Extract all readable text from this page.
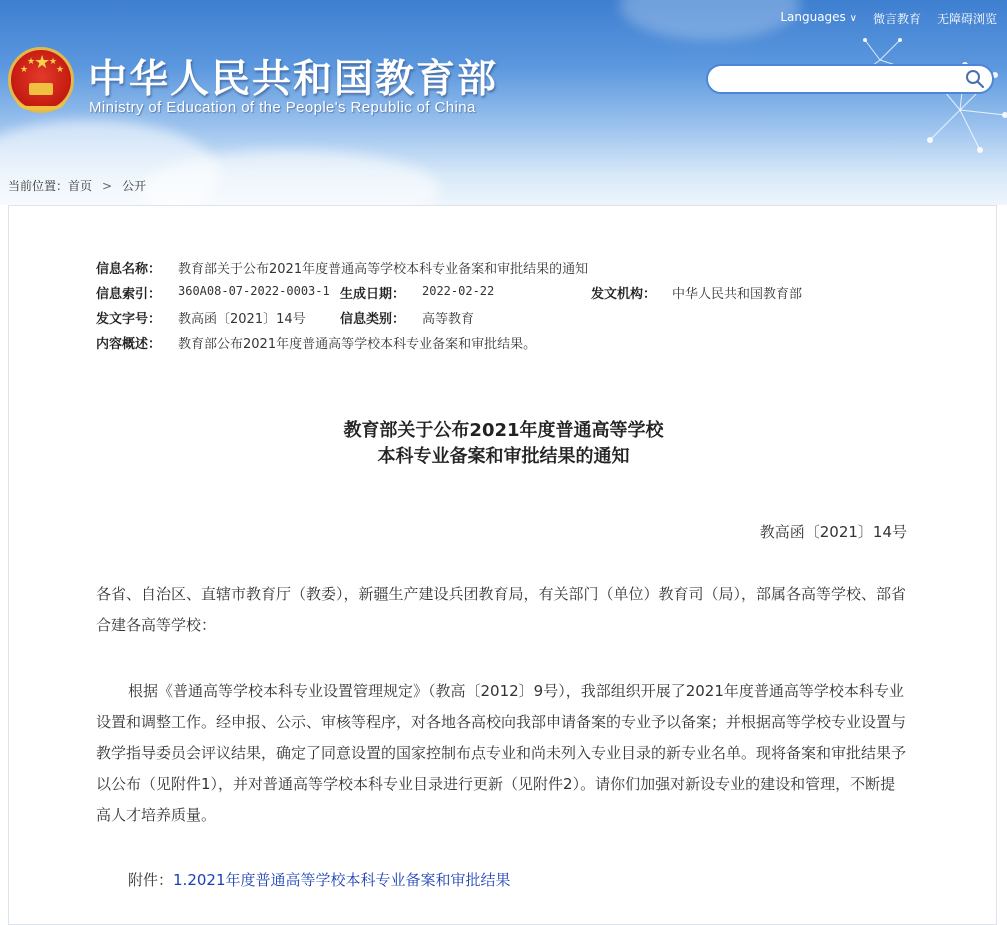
Languages ∨ 微言教育 无障碍浏览
★
★
★ ★
★ 中华人民共和国教育部
Ministry of Education of the People's Republic of China
当前位置： 首页 > 公开
信息名称： 教育部关于公布2021年度普通高等学校本科专业备案和审批结果的通知
信息索引： 360A08-07-2022-0003-1 生成日期： 2022-02-22	发文机构： 中华人民共和国教育部
发文字号： 教高函〔2021〕14号	信息类别： 高等教育
内容概述： 教育部公布2021年度普通高等学校本科专业备案和审批结果。
教育部关于公布2021年度普通高等学校
本科专业备案和审批结果的通知
教高函〔2021〕14号

各省、自治区、直辖市教育厅（教委），新疆生产建设兵团教育局，有关部门（单位）教育司（局），部属各高等学校、部省合建各高等学校：

根据《普通高等学校本科专业设置管理规定》（教高〔2012〕9号），我部组织开展了2021年度普通高等学校本科专业设置和调整工作。经申报、公示、审核等程序，对各地各高校向我部申请备案的专业予以备案；并根据高等学校专业设置与教学指导委员会评议结果，确定了同意设置的国家控制布点专业和尚未列入专业目录的新专业名单。现将备案和审批结果予以公布（见附件1），并对普通高等学校本科专业目录进行更新（见附件2）。请你们加强对新设专业的建设和管理，不断提高人才培养质量。

附件：1.2021年度普通高等学校本科专业备案和审批结果
